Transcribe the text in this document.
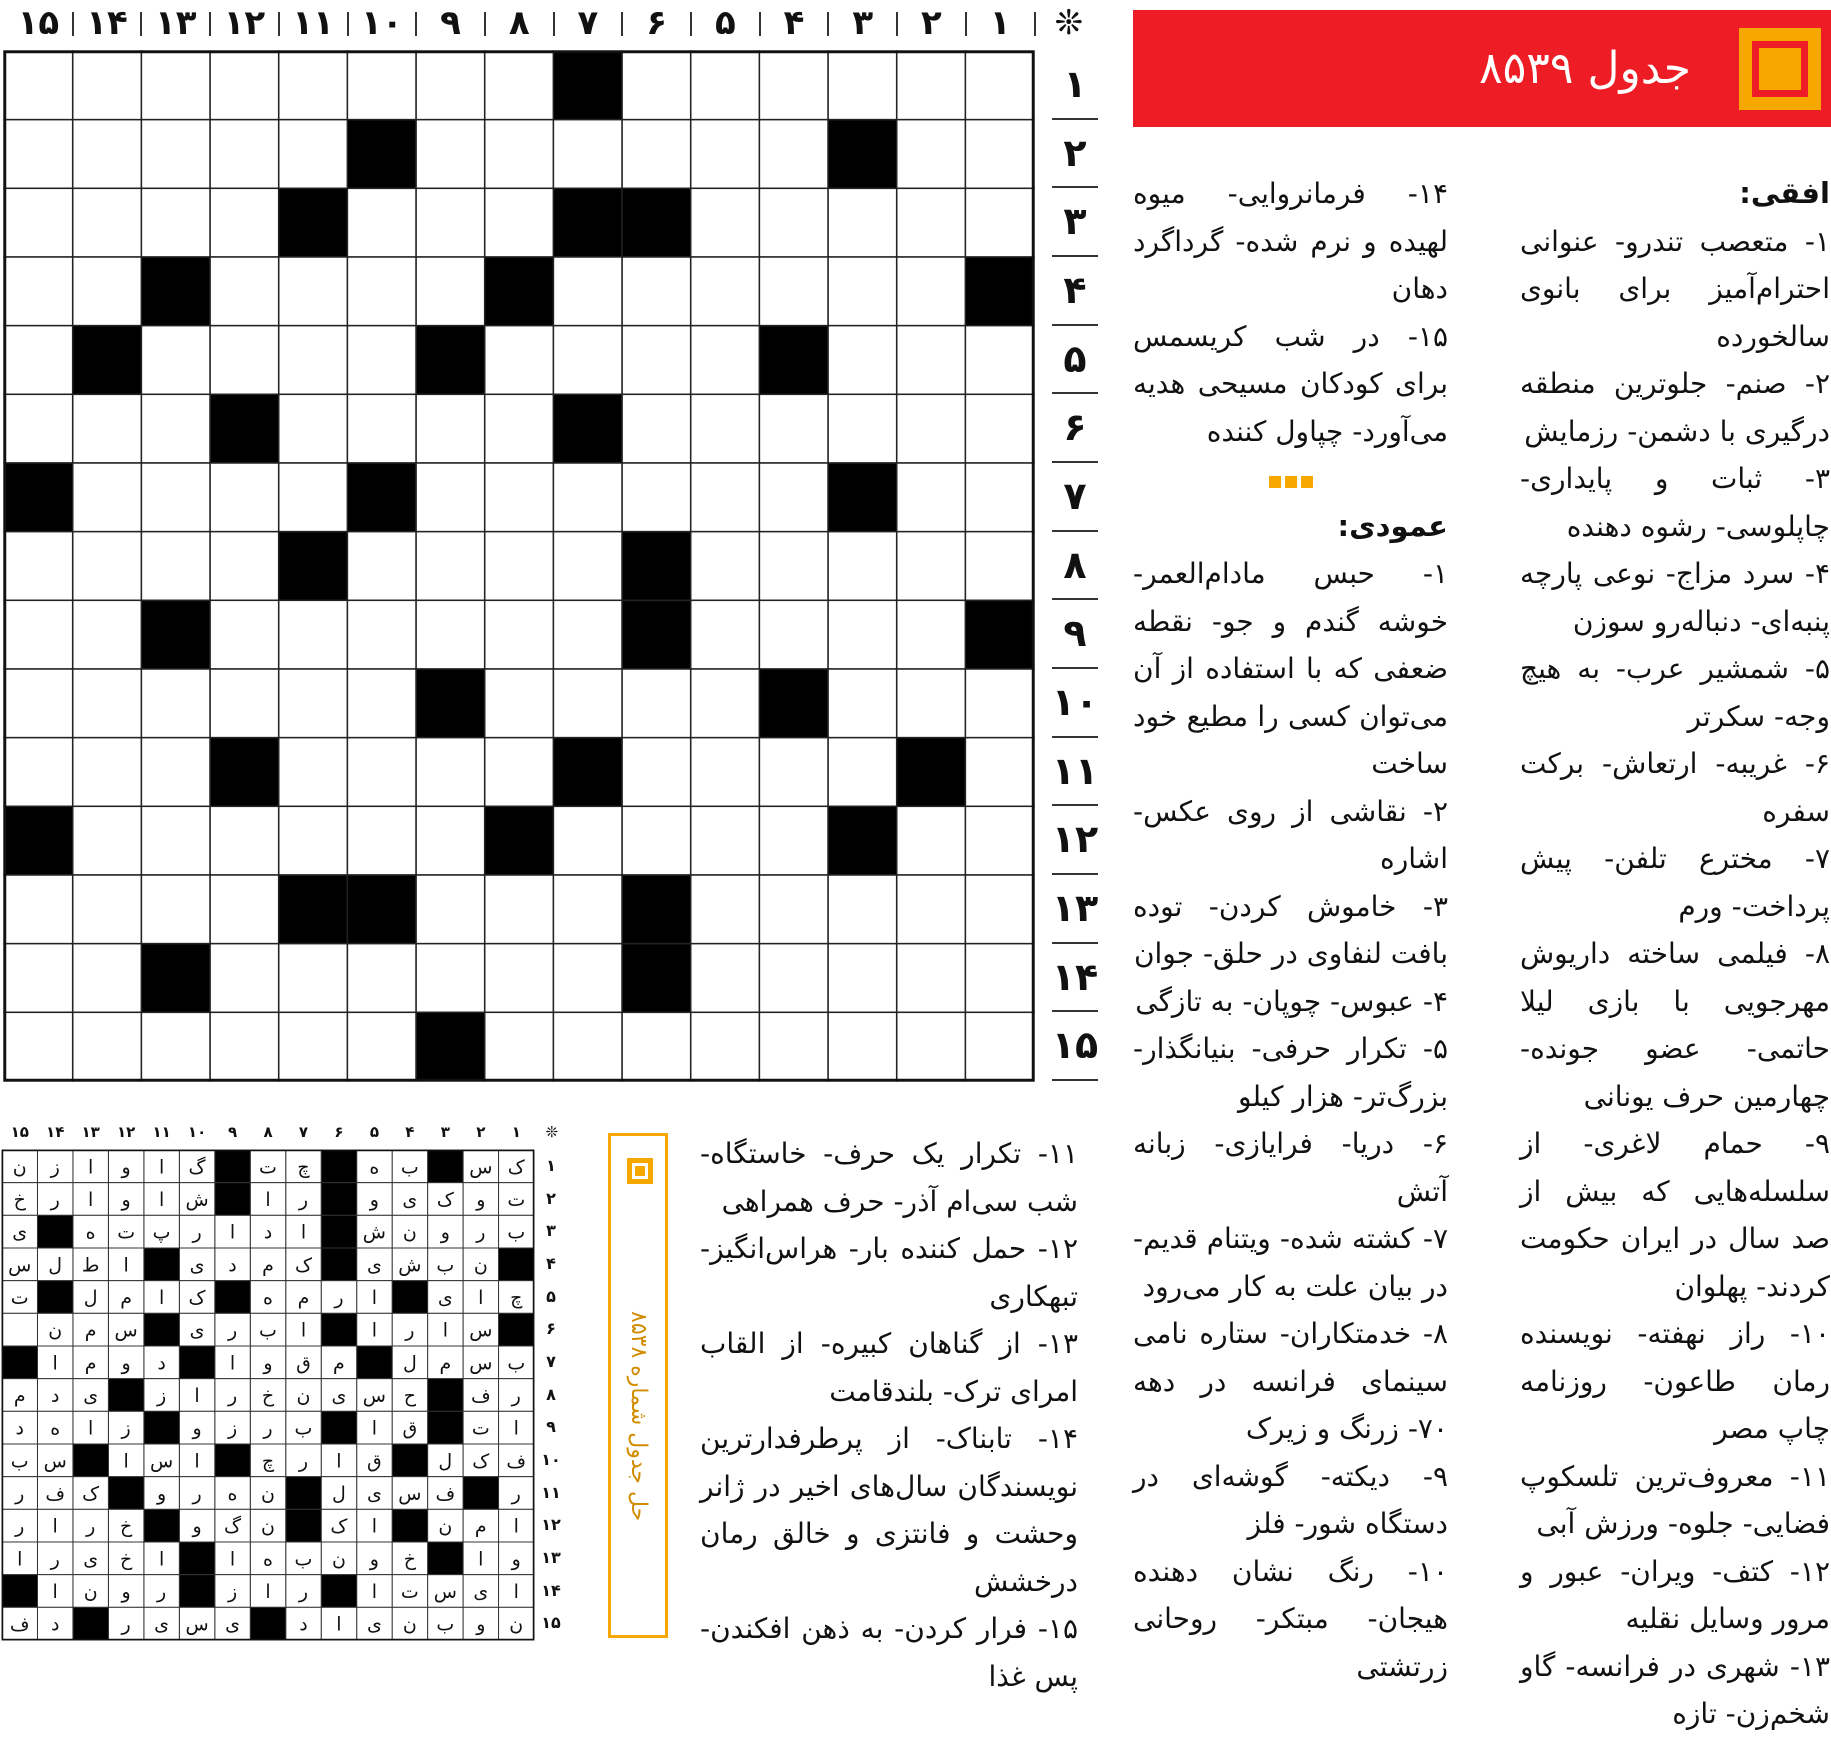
❊
۱
۲
۳
۴
۵
۶
۷
۸
۹
۱۰
۱۱
۱۲
۱۳
۱۴
۱۵
۱
۲
۳
۴
۵
۶
۷
۸
۹
۱۰
۱۱
۱۲
۱۳
۱۴
۱۵
جدول ۸۵۳۹

افقی:

۱- متعصب تندرو- عنوانی احترام‌آمیز برای بانوی سالخورده

۲- صنم- جلوترین منطقه درگیری با دشمن- رزمایش

۳- ثبات و پایداری- چاپلوسی- رشوه دهنده

۴- سرد مزاج- نوعی پارچه پنبه‌ای- دنباله‌رو سوزن

۵- شمشیر عرب- به هیچ وجه- سکرتر

۶- غریبه- ارتعاش- برکت سفره

۷- مخترع تلفن- پیش پرداخت- ورم

۸- فیلمی ساخته داریوش مهرجویی با بازی لیلا حاتمی- عضو جونده- چهارمین حرف یونانی

۹- حمام لاغری- از سلسله‌هایی که بیش از صد سال در ایران حکومت کردند- پهلوان

۱۰- راز نهفته- نویسنده رمان طاعون- روزنامه چاپ مصر

۱۱- معروف‌ترین تلسکوپ فضایی- جلوه- ورزش آبی

۱۲- کتف- ویران- عبور و مرور وسایل نقلیه

۱۳- شهری در فرانسه- گاو شخم‌زن- تازه

۱۴- فرمانروایی- میوه لهیده و نرم شده- گرداگرد دهان

۱۵- در شب کریسمس برای کودکان مسیحی هدیه می‌آورد- چپاول کننده

عمودی:

۱- حبس مادام‌العمر- خوشه گندم و جو- نقطه ضعفی که با استفاده از آن می‌توان کسی را مطیع خود ساخت

۲- نقاشی از روی عکس- اشاره

۳- خاموش کردن- توده بافت لنفاوی در حلق- جوان

۴- عبوس- چوپان- به تازگی

۵- تکرار حرفی- بنیانگذار- بزرگ‌تر- هزار کیلو

۶- دریا- فرایازی- زبانه آتش

۷- کشته شده- ویتنام قدیم- در بیان علت به کار می‌رود

۸- خدمتکاران- ستاره نامی سینمای فرانسه در دهه ۷۰- زرنگ و زیرک

۹- دیکته- گوشه‌ای در دستگاه شور- فلز

۱۰- رنگ نشان دهنده هیجان- مبتکر- روحانی زرتشتی

۱۱- تکرار یک حرف- خاستگاه- شب سی‌ام آذر- حرف همراهی

۱۲- حمل کننده بار- هراس‌انگیز- تبهکاری

۱۳- از گناهان کبیره- از القاب امرای ترک- بلندقامت

۱۴- تابناک- از پرطرفدارترین نویسندگان سال‌های اخیر در ژانر وحشت و فانتزی و خالق رمان درخشش

۱۵- فرار کردن- به ذهن افکندن- پس غذا

حل جدول شماره ۸۵۳۸
❊
۱
۲
۳
۴
۵
۶
۷
۸
۹
۱۰
۱۱
۱۲
۱۳
۱۴
۱۵
ک
س
ب
ه
چ
ت
گ
ا
و
ا
ز
ن
ت
و
ک
ی
و
ر
ا
ش
ا
و
ا
ر
خ
ب
ر
و
ن
ش
ا
د
ا
ر
پ
ت
ە
ی
ن
ب
ش
ی
ک
م
د
ی
ا
ط
ل
س
چ
ا
ی
ا
ر
م
ە
ک
ا
م
ل
ت
س
ا
ر
ا
ا
ب
ر
ی
س
م
ن
ب
س
م
ل
م
ق
و
ا
د
و
م
ا
ر
ف
ح
س
ی
ن
خ
ر
ا
ز
ی
د
م
ا
ت
ق
ا
ب
ر
ز
و
ز
ا
ه
د
ف
ک
ل
ق
ا
ر
چ
ا
س
ا
س
ب
ر
ف
س
ی
ل
ن
ه
ر
و
ک
ف
ر
ا
م
ن
ا
ک
ن
گ
و
خ
ر
ا
ر
و
ا
خ
و
ن
ب
ه
ا
ا
خ
ی
ر
ا
ا
ی
س
ت
ا
ر
ا
ز
ر
و
ن
ا
ن
و
ب
ن
ی
ا
د
ی
س
ی
ر
د
ف
۱
۲
۳
۴
۵
۶
۷
۸
۹
۱۰
۱۱
۱۲
۱۳
۱۴
۱۵
